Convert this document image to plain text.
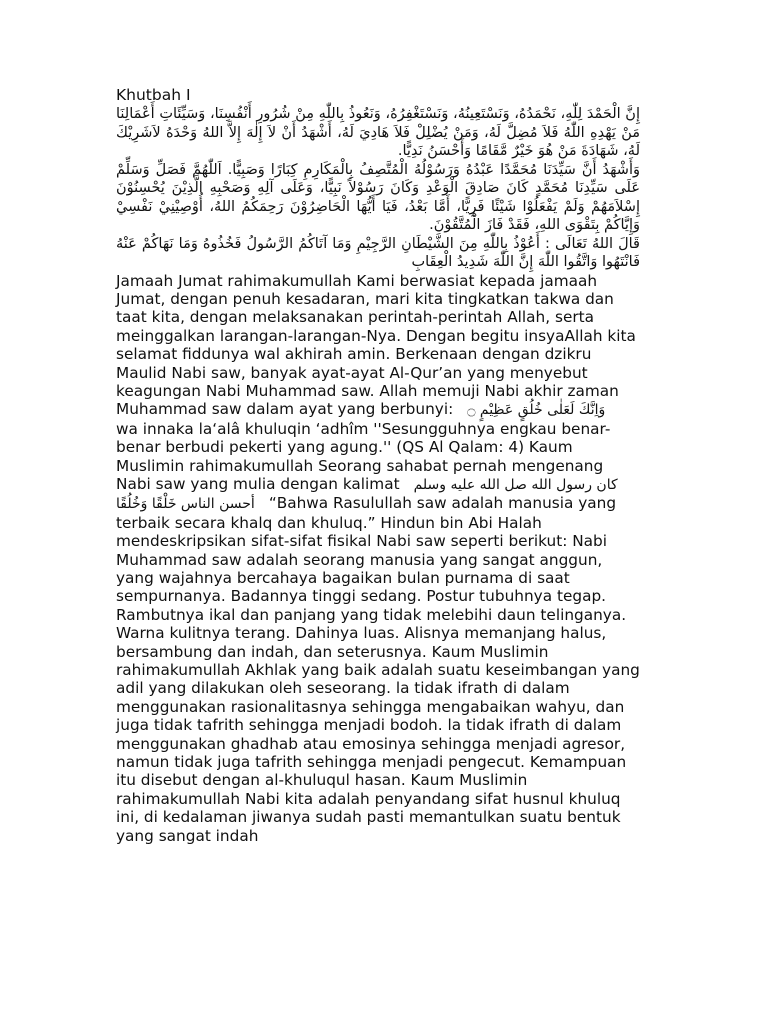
Khutbah I

إِنَّ الْحَمْدَ لِلّٰهِ، نَحْمَدُهُ، وَنَسْتَعِينُهُ، وَنَسْتَغْفِرُهُ، وَنَعُوذُ بِاللّٰهِ مِنْ شُرُورِ أَنْفُسِنَا، وَسَيِّئَاتِ أَعْمَالِنَا مَنْ يَهْدِهِ اللّٰهُ فَلاَ مُضِلَّ لَهُ، وَمَنْ يُضْلِلْ فَلاَ هَادِيَ لَهُ، أَشْهَدُ أَنْ لاَ إِلٰهَ إِلاَّ اللهُ وَحْدَهُ لاَشَرِيْكَ لَهُ، شَهَادَةَ مَنْ هُوَ خَيْرٌ مَّقَامًا وَأَحْسَنُ نَدِيًّا.

وَأَشْهَدُ أَنَّ سَيِّدَنَا مُحَمَّدًا عَبْدُهُ وَرَسُوْلُهُ الْمُتَّصِفُ بِالْمَكَارِمِ كِبَارًا وَصَبِيًّا. اَللّٰهُمَّ فَصَلِّ وَسَلِّمْ عَلَى سَيِّدِنَا مُحَمَّدٍ كَانَ صَادِقَ الْوَعْدِ وَكَانَ رَسُوْلاً نَبِيًّا، وَعَلَى آلِهِ وَصَحْبِهِ الَّذِيْنَ يُحْسِنُوْنَ إِسْلاَمَهُمْ وَلَمْ يَفْعَلُوْا شَيْئًا فَرِيًّا، أَمَّا بَعْدُ، فَيَا أَيُّهَا الْحَاضِرُوْنَ رَحِمَكُمُ اللهُ، أُوْصِيْنِيْ نَفْسِيْ وَإِيَّاكُمْ بِتَقْوَى اللهِ، فَقَدْ فَازَ الْمُتَّقُوْنَ.

قَالَ اللهُ تَعَالَى : أَعُوْذُ بِاللّٰهِ مِنَ الشَّيْطَانِ الرَّجِيْمِ وَمَا آتَاكُمُ الرَّسُولُ فَخُذُوهُ وَمَا نَهَاكُمْ عَنْهُ فَانْتَهُوا وَاتَّقُوا اللّٰهَ إِنَّ اللّٰهَ شَدِيدُ الْعِقَابِ

Jamaah Jumat rahimakumullah Kami berwasiat kepada jamaah Jumat, dengan penuh kesadaran, mari kita tingkatkan takwa dan taat kita, dengan melaksanakan perintah-perintah Allah, serta meinggalkan larangan-larangan-Nya. Dengan begitu insyaAllah kita selamat fiddunya wal akhirah amin. Berkenaan dengan dzikru Maulid Nabi saw, banyak ayat-ayat Al-Qur’an yang menyebut keagungan Nabi Muhammad saw. Allah memuji Nabi akhir zaman Muhammad saw dalam ayat yang berbunyi: وَاِنَّكَ لَعَلٰى خُلُقٍ عَظِيْمٍ ۝wa innaka la‘alâ khuluqin ‘adhîm ''Sesungguhnya engkau benar-benar berbudi pekerti yang agung.'' (QS Al Qalam: 4) Kaum Muslimin rahimakumullah Seorang sahabat pernah mengenang Nabi saw yang mulia dengan kalimat كان رسول الله صل الله عليه وسلم أحسن الناس خَلْقًا وَخُلُقًا “Bahwa Rasulullah saw adalah manusia yang terbaik secara khalq dan khuluq.” Hindun bin Abi Halah mendeskripsikan sifat-sifat fisikal Nabi saw seperti berikut: Nabi Muhammad saw adalah seorang manusia yang sangat anggun, yang wajahnya bercahaya bagaikan bulan purnama di saat sempurnanya. Badannya tinggi sedang. Postur tubuhnya tegap. Rambutnya ikal dan panjang yang tidak melebihi daun telinganya. Warna kulitnya terang. Dahinya luas. Alisnya memanjang halus, bersambung dan indah, dan seterusnya. Kaum Muslimin rahimakumullah Akhlak yang baik adalah suatu keseimbangan yang adil yang dilakukan oleh seseorang. la tidak ifrath di dalam menggunakan rasionalitasnya sehingga mengabaikan wahyu, dan juga tidak tafrith sehingga menjadi bodoh. la tidak ifrath di dalam menggunakan ghadhab atau emosinya sehingga menjadi agresor, namun tidak juga tafrith sehingga menjadi pengecut. Kemampuan itu disebut dengan al-khuluqul hasan. Kaum Muslimin rahimakumullah Nabi kita adalah penyandang sifat husnul khuluq ini, di kedalaman jiwanya sudah pasti memantulkan suatu bentuk yang sangat indah
